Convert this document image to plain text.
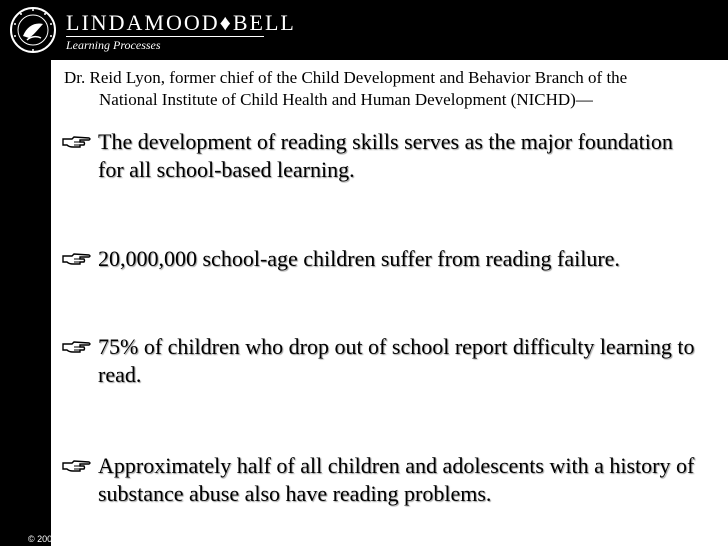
LINDAMOOD♦BELL
Learning Processes
Dr. Reid Lyon, former chief of the Child Development and Behavior Branch of the
National Institute of Child Health and Human Development (NICHD)—
The development of reading skills serves as the major foundation for all school-based learning.
20,000,000 school-age children suffer from reading failure.
75% of children who drop out of school report difficulty learning to read.
Approximately half of all children and adolescents with a history of substance abuse also have reading problems.
© 2002 Lindamood-Bell Learning Processes
